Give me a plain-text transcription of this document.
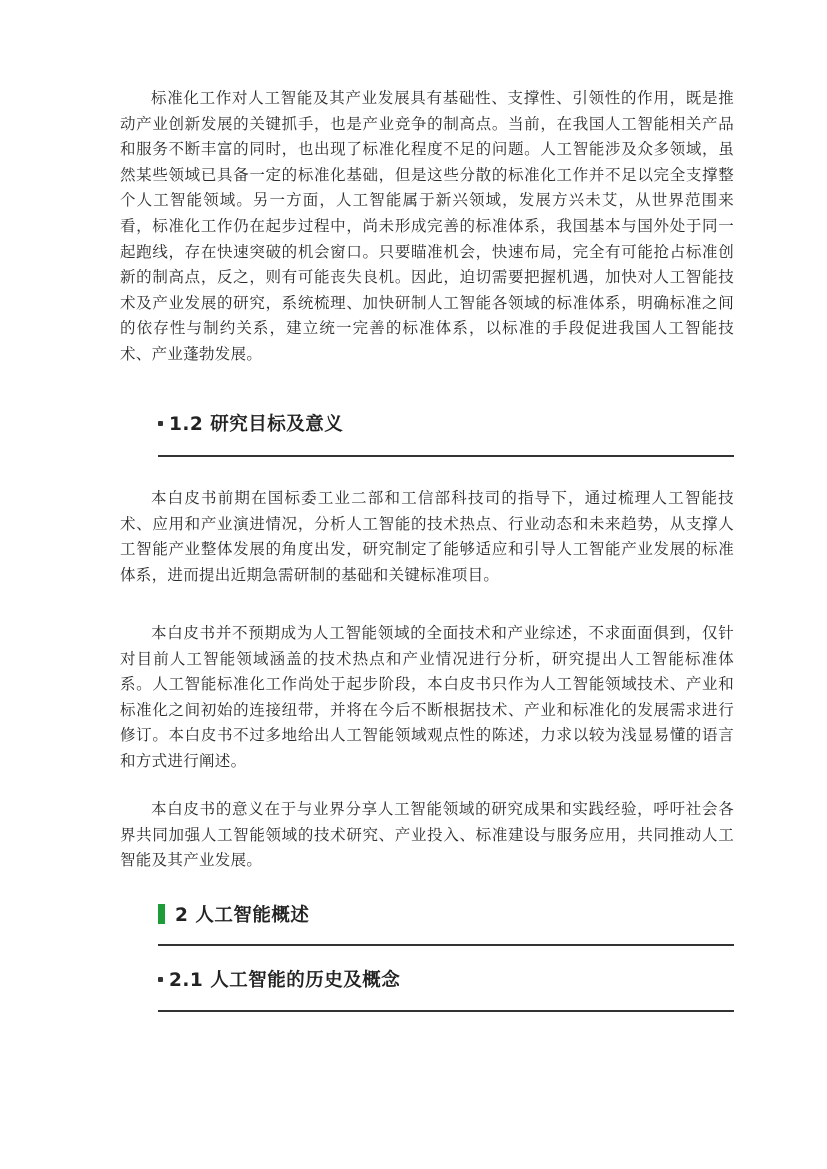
标准化工作对人工智能及其产业发展具有基础性、支撑性、引领性的作用，既是推动产业创新发展的关键抓手，也是产业竞争的制高点。当前，在我国人工智能相关产品和服务不断丰富的同时，也出现了标准化程度不足的问题。人工智能涉及众多领域，虽然某些领域已具备一定的标准化基础，但是这些分散的标准化工作并不足以完全支撑整个人工智能领域。另一方面，人工智能属于新兴领域，发展方兴未艾，从世界范围来看，标准化工作仍在起步过程中，尚未形成完善的标准体系，我国基本与国外处于同一起跑线，存在快速突破的机会窗口。只要瞄准机会，快速布局，完全有可能抢占标准创新的制高点，反之，则有可能丧失良机。因此，迫切需要把握机遇，加快对人工智能技术及产业发展的研究，系统梳理、加快研制人工智能各领域的标准体系，明确标准之间的依存性与制约关系，建立统一完善的标准体系，以标准的手段促进我国人工智能技术、产业蓬勃发展。

1.2 研究目标及意义

本白皮书前期在国标委工业二部和工信部科技司的指导下，通过梳理人工智能技术、应用和产业演进情况，分析人工智能的技术热点、行业动态和未来趋势，从支撑人工智能产业整体发展的角度出发，研究制定了能够适应和引导人工智能产业发展的标准体系，进而提出近期急需研制的基础和关键标准项目。

本白皮书并不预期成为人工智能领域的全面技术和产业综述，不求面面俱到，仅针对目前人工智能领域涵盖的技术热点和产业情况进行分析，研究提出人工智能标准体系。人工智能标准化工作尚处于起步阶段，本白皮书只作为人工智能领域技术、产业和标准化之间初始的连接纽带，并将在今后不断根据技术、产业和标准化的发展需求进行修订。本白皮书不过多地给出人工智能领域观点性的陈述，力求以较为浅显易懂的语言和方式进行阐述。

本白皮书的意义在于与业界分享人工智能领域的研究成果和实践经验，呼吁社会各界共同加强人工智能领域的技术研究、产业投入、标准建设与服务应用，共同推动人工智能及其产业发展。

2 人工智能概述
2.1 人工智能的历史及概念
